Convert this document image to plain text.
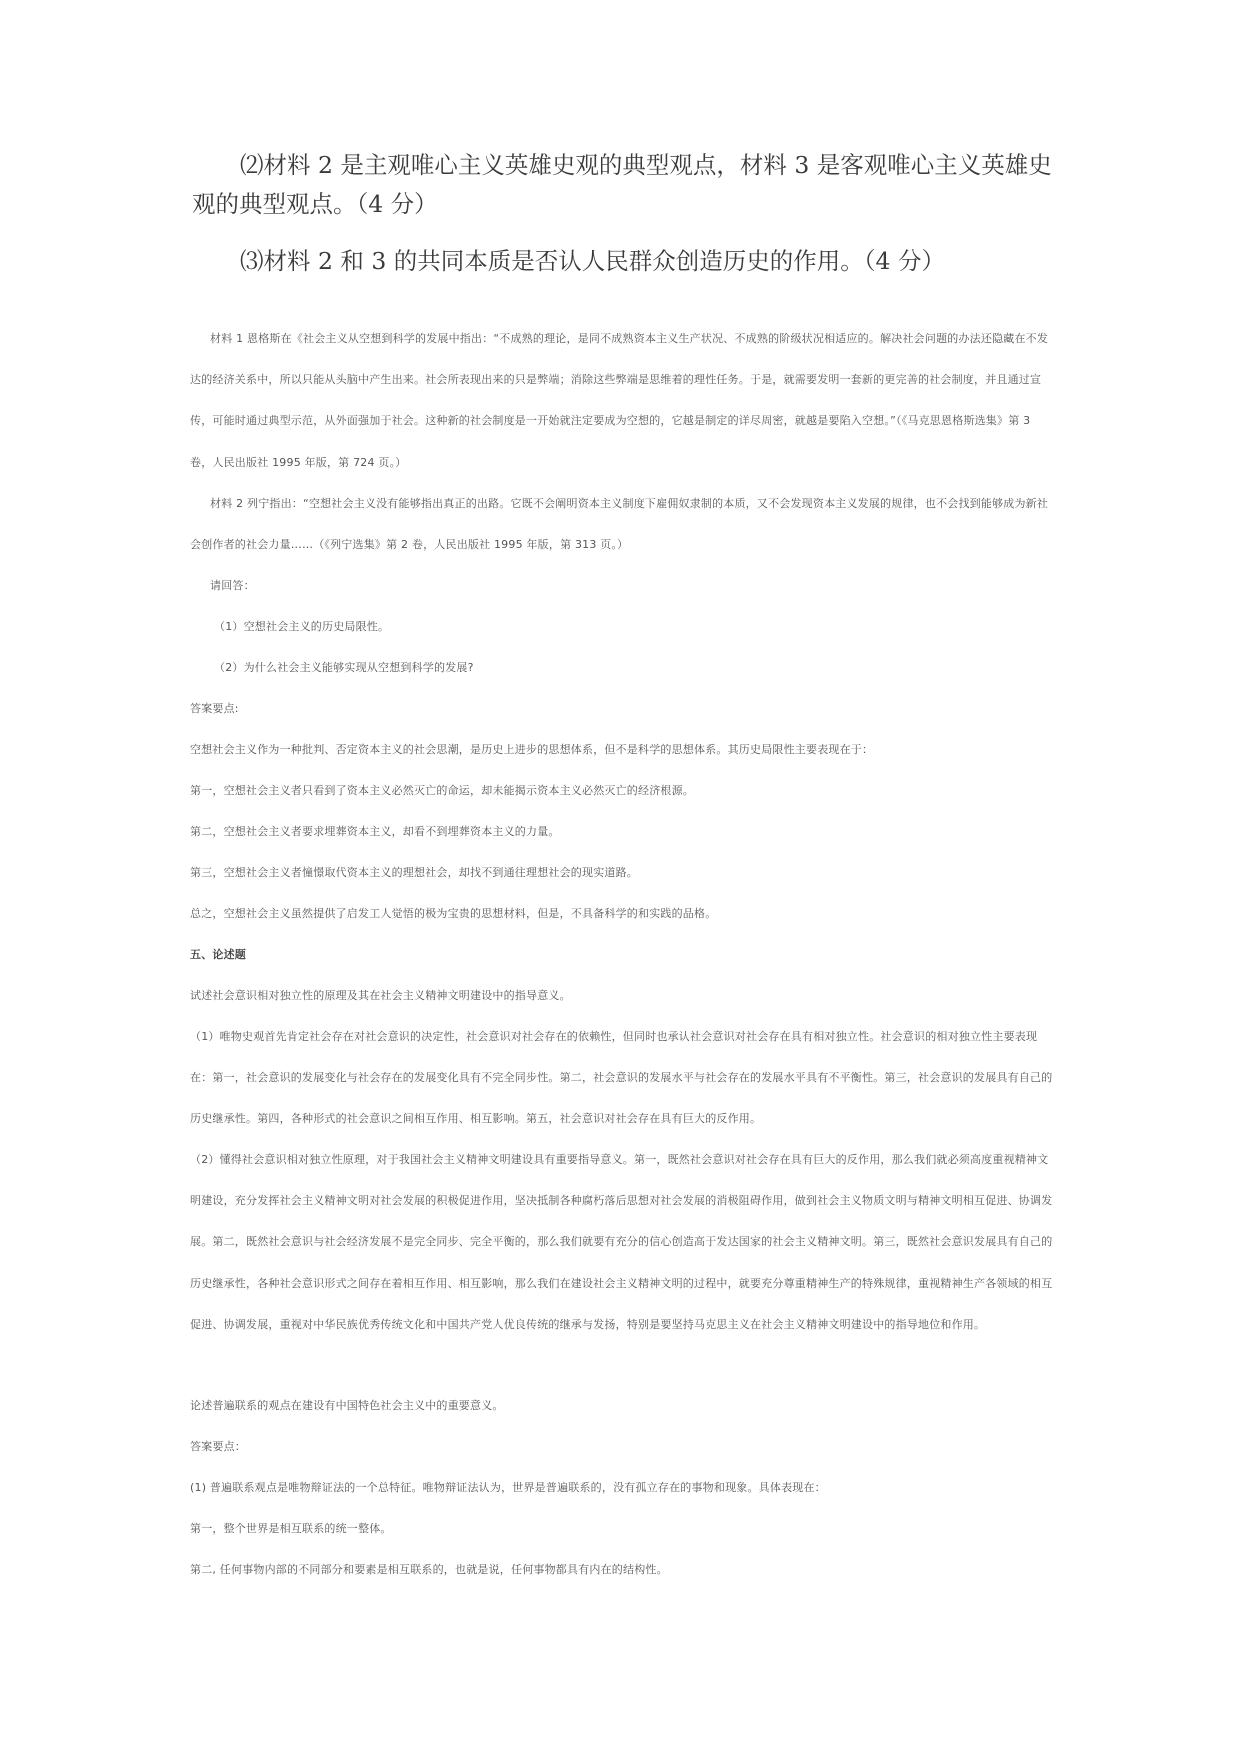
⑵材料 2 是主观唯心主义英雄史观的典型观点，材料 3 是客观唯心主义英雄史观的典型观点。（4 分）

⑶材料 2 和 3 的共同本质是否认人民群众创造历史的作用。（4 分）

材料 1 恩格斯在《社会主义从空想到科学的发展中指出：“不成熟的理论，是同不成熟资本主义生产状况、不成熟的阶级状况相适应的。解决社会问题的办法还隐藏在不发达的经济关系中，所以只能从头脑中产生出来。社会所表现出来的只是弊端；消除这些弊端是思维着的理性任务。于是，就需要发明一套新的更完善的社会制度，并且通过宣传，可能时通过典型示范，从外面强加于社会。这种新的社会制度是一开始就注定要成为空想的，它越是制定的详尽周密，就越是要陷入空想。”（《马克思恩格斯选集》第 3 卷，人民出版社 1995 年版，第 724 页。）

材料 2 列宁指出：“空想社会主义没有能够指出真正的出路。它既不会阐明资本主义制度下雇佣奴隶制的本质，又不会发现资本主义发展的规律，也不会找到能够成为新社会创作者的社会力量……（《列宁选集》第 2 卷，人民出版社 1995 年版，第 313 页。）

请回答：

（1）空想社会主义的历史局限性。

（2）为什么社会主义能够实现从空想到科学的发展?

答案要点:

空想社会主义作为一种批判、否定资本主义的社会思潮，是历史上进步的思想体系，但不是科学的思想体系。其历史局限性主要表现在于：

第一，空想社会主义者只看到了资本主义必然灭亡的命运，却未能揭示资本主义必然灭亡的经济根源。

第二，空想社会主义者要求埋葬资本主义，却看不到埋葬资本主义的力量。

第三，空想社会主义者憧憬取代资本主义的理想社会，却找不到通往理想社会的现实道路。

总之，空想社会主义虽然提供了启发工人觉悟的极为宝贵的思想材料，但是，不具备科学的和实践的品格。

五、论述题

试述社会意识相对独立性的原理及其在社会主义精神文明建设中的指导意义。

（1）唯物史观首先肯定社会存在对社会意识的决定性，社会意识对社会存在的依赖性，但同时也承认社会意识对社会存在具有相对独立性。社会意识的相对独立性主要表现在：第一，社会意识的发展变化与社会存在的发展变化具有不完全同步性。第二，社会意识的发展水平与社会存在的发展水平具有不平衡性。第三，社会意识的发展具有自己的历史继承性。第四，各种形式的社会意识之间相互作用、相互影响。第五，社会意识对社会存在具有巨大的反作用。

（2）懂得社会意识相对独立性原理，对于我国社会主义精神文明建设具有重要指导意义。第一，既然社会意识对社会存在具有巨大的反作用，那么我们就必须高度重视精神文明建设，充分发挥社会主义精神文明对社会发展的积极促进作用，坚决抵制各种腐朽落后思想对社会发展的消极阻碍作用，做到社会主义物质文明与精神文明相互促进、协调发展。第二，既然社会意识与社会经济发展不是完全同步、完全平衡的，那么我们就要有充分的信心创造高于发达国家的社会主义精神文明。第三，既然社会意识发展具有自己的历史继承性，各种社会意识形式之间存在着相互作用、相互影响，那么我们在建设社会主义精神文明的过程中，就要充分尊重精神生产的特殊规律，重视精神生产各领域的相互促进、协调发展，重视对中华民族优秀传统文化和中国共产党人优良传统的继承与发扬，特别是要坚持马克思主义在社会主义精神文明建设中的指导地位和作用。

论述普遍联系的观点在建设有中国特色社会主义中的重要意义。

答案要点：

(1) 普遍联系观点是唯物辩证法的一个总特征。唯物辩证法认为，世界是普遍联系的，没有孤立存在的事物和现象。具体表现在：

第一，整个世界是相互联系的统一整体。

第二, 任何事物内部的不同部分和要素是相互联系的，也就是说，任何事物都具有内在的结构性。
